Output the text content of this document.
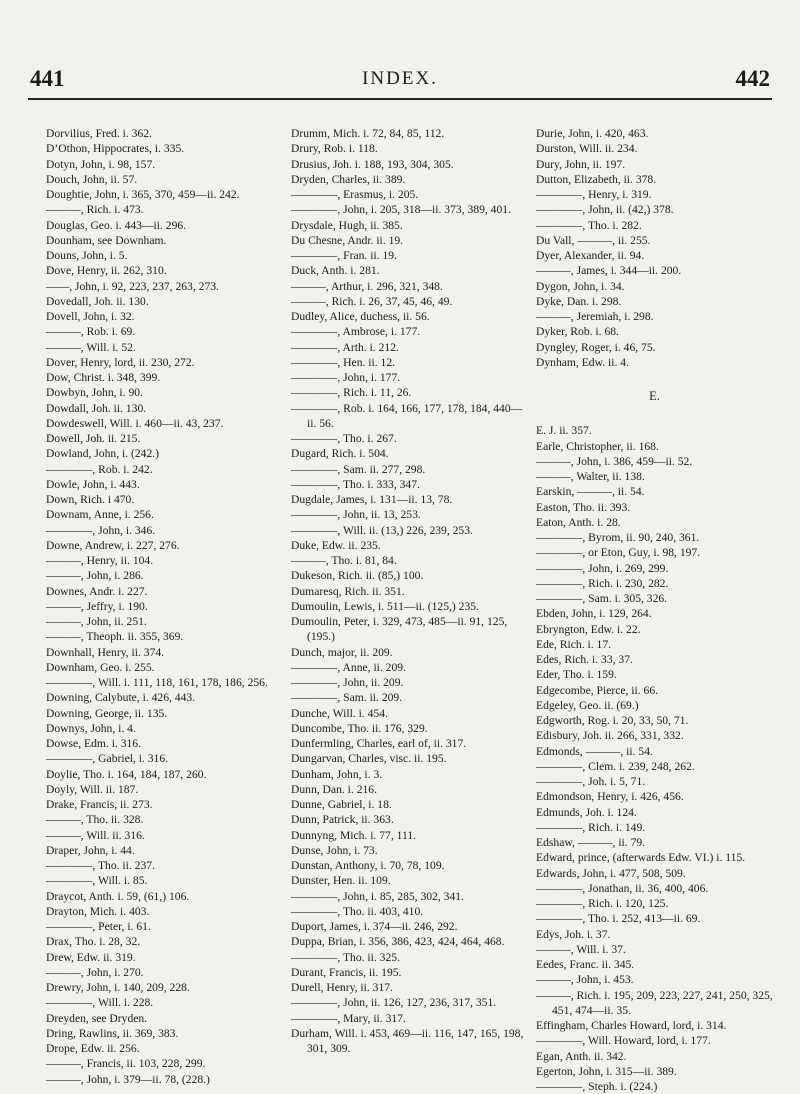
441	INDEX.	442
Dorvilius, Fred. i. 362.
D’Othon, Hippocrates, i. 335.
Dotyn, John, i. 98, 157.
Douch, John, ii. 57.
Doughtie, John, i. 365, 370, 459—ii. 242.
———, Rich. i. 473.
Douglas, Geo. i. 443—ii. 296.
Dounham, see Downham.
Douns, John, i. 5.
Dove, Henry, ii. 262, 310.
——, John, i. 92, 223, 237, 263, 273.
Dovedall, Joh. ii. 130.
Dovell, John, i. 32.
———, Rob. i. 69.
———, Will. i. 52.
Dover, Henry, lord, ii. 230, 272.
Dow, Christ. i. 348, 399.
Dowbyn, John, i. 90.
Dowdall, Joh. ii. 130.
Dowdeswell, Will. i. 460—ii. 43, 237.
Dowell, Joh. ii. 215.
Dowland, John, i. (242.)
————, Rob. i. 242.
Dowle, John, i. 443.
Down, Rich. i 470.
Downam, Anne, i. 256.
————, John, i. 346.
Downe, Andrew, i. 227, 276.
———, Henry, ii. 104.
———, John, i. 286.
Downes, Andr. i. 227.
———, Jeffry, i. 190.
———, John, ii. 251.
———, Theoph. ii. 355, 369.
Downhall, Henry, ii. 374.
Downham, Geo. i. 255.
————, Will. i. 111, 118, 161, 178, 186, 256.
Downing, Calybute, i. 426, 443.
Downing, George, ii. 135.
Downys, John, i. 4.
Dowse, Edm. i. 316.
————, Gabriel, i. 316.
Doylie, Tho. i. 164, 184, 187, 260.
Doyly, Will. ii. 187.
Drake, Francis, ii. 273.
———, Tho. ii. 328.
———, Will. ii. 316.
Draper, John, i. 44.
————, Tho. ii. 237.
————, Will. i. 85.
Draycot, Anth. i. 59, (61,) 106.
Drayton, Mich. i. 403.
————, Peter, i. 61.
Drax, Tho. i. 28, 32.
Drew, Edw. ii. 319.
———, John, i. 270.
Drewry, John, i. 140, 209, 228.
————, Will. i. 228.
Dreyden, see Dryden.
Dring, Rawlins, ii. 369, 383.
Drope, Edw. ii. 256.
———, Francis, ii. 103, 228, 299.
———, John, i. 379—ii. 78, (228.)
Drumm, Mich. i. 72, 84, 85, 112.
Drury, Rob. i. 118.
Drusius, Joh. i. 188, 193, 304, 305.
Dryden, Charles, ii. 389.
————, Erasmus, i. 205.
————, John, i. 205, 318—ii. 373, 389, 401.
Drysdale, Hugh, ii. 385.
Du Chesne, Andr. ii. 19.
————, Fran. ii. 19.
Duck, Anth. i. 281.
———, Arthur, i. 296, 321, 348.
———, Rich. i. 26, 37, 45, 46, 49.
Dudley, Alice, duchess, ii. 56.
————, Ambrose, i. 177.
————, Arth. i. 212.
————, Hen. ii. 12.
————, John, i. 177.
————, Rich. i. 11, 26.
————, Rob. i. 164, 166, 177, 178, 184, 440—ii. 56.
————, Tho. i. 267.
Dugard, Rich. i. 504.
————, Sam. ii. 277, 298.
————, Tho. i. 333, 347.
Dugdale, James, i. 131—ii. 13, 78.
————, John, ii. 13, 253.
————, Will. ii. (13,) 226, 239, 253.
Duke, Edw. ii. 235.
———, Tho. i. 81, 84.
Dukeson, Rich. ii. (85,) 100.
Dumaresq, Rich. ii. 351.
Dumoulin, Lewis, i. 511—ii. (125,) 235.
Dumoulin, Peter, i. 329, 473, 485—ii. 91, 125, (195.)
Dunch, major, ii. 209.
————, Anne, ii. 209.
————, John, ii. 209.
————, Sam. ii. 209.
Dunche, Will. i. 454.
Duncombe, Tho. ii. 176, 329.
Dunfermling, Charles, earl of, ii. 317.
Dungarvan, Charles, visc. ii. 195.
Dunham, John, i. 3.
Dunn, Dan. i. 216.
Dunne, Gabriel, i. 18.
Dunn, Patrick, ii. 363.
Dunnyng, Mich. i. 77, 111.
Dunse, John, i. 73.
Dunstan, Anthony, i. 70, 78, 109.
Dunster, Hen. ii. 109.
————, John, i. 85, 285, 302, 341.
————, Tho. ii. 403, 410.
Duport, James, i. 374—ii. 246, 292.
Duppa, Brian, i. 356, 386, 423, 424, 464, 468.
————, Tho. ii. 325.
Durant, Francis, ii. 195.
Durell, Henry, ii. 317.
————, John, ii. 126, 127, 236, 317, 351.
————, Mary, ii. 317.
Durham, Will. i. 453, 469—ii. 116, 147, 165, 198, 301, 309.
Durie, John, i. 420, 463.
Durston, Will. ii. 234.
Dury, John, ii. 197.
Dutton, Elizabeth, ii. 378.
————, Henry, i. 319.
————, John, ii. (42,) 378.
————, Tho. i. 282.
Du Vall, ———, ii. 255.
Dyer, Alexander, ii. 94.
———, James, i. 344—ii. 200.
Dygon, John, i. 34.
Dyke, Dan. i. 298.
———, Jeremiah, i. 298.
Dyker, Rob. i. 68.
Dyngley, Roger, i. 46, 75.
Dynham, Edw. ii. 4.
E.
E. J. ii. 357.
Earle, Christopher, ii. 168.
———, John, i. 386, 459—ii. 52.
———, Walter, ii. 138.
Earskin, ———, ii. 54.
Easton, Tho. ii. 393.
Eaton, Anth. i. 28.
————, Byrom, ii. 90, 240, 361.
————, or Eton, Guy, i. 98, 197.
————, John, i. 269, 299.
————, Rich. i. 230, 282.
————, Sam. i. 305, 326.
Ebden, John, i. 129, 264.
Ebryngton, Edw. i. 22.
Ede, Rich. i. 17.
Edes, Rich. i. 33, 37.
Eder, Tho. i. 159.
Edgecombe, Pierce, ii. 66.
Edgeley, Geo. ii. (69.)
Edgworth, Rog. i. 20, 33, 50, 71.
Edisbury, Joh. ii. 266, 331, 332.
Edmonds, ———, ii. 54.
————, Clem. i. 239, 248, 262.
————, Joh. i. 5, 71.
Edmondson, Henry, i. 426, 456.
Edmunds, Joh. i. 124.
————, Rich. i. 149.
Edshaw, ———, ii. 79.
Edward, prince, (afterwards Edw. VI.) i. 115.
Edwards, John, i. 477, 508, 509.
————, Jonathan, ii. 36, 400, 406.
————, Rich. i. 120, 125.
————, Tho. i. 252, 413—ii. 69.
Edys, Joh. i. 37.
———, Will. i. 37.
Eedes, Franc. ii. 345.
———, John, i. 453.
———, Rich. i. 195, 209, 223, 227, 241, 250, 325, 451, 474—ii. 35.
Effingham, Charles Howard, lord, i. 314.
————, Will. Howard, lord, i. 177.
Egan, Anth. ii. 342.
Egerton, John, i. 315—ii. 389.
————, Steph. i. (224.)
